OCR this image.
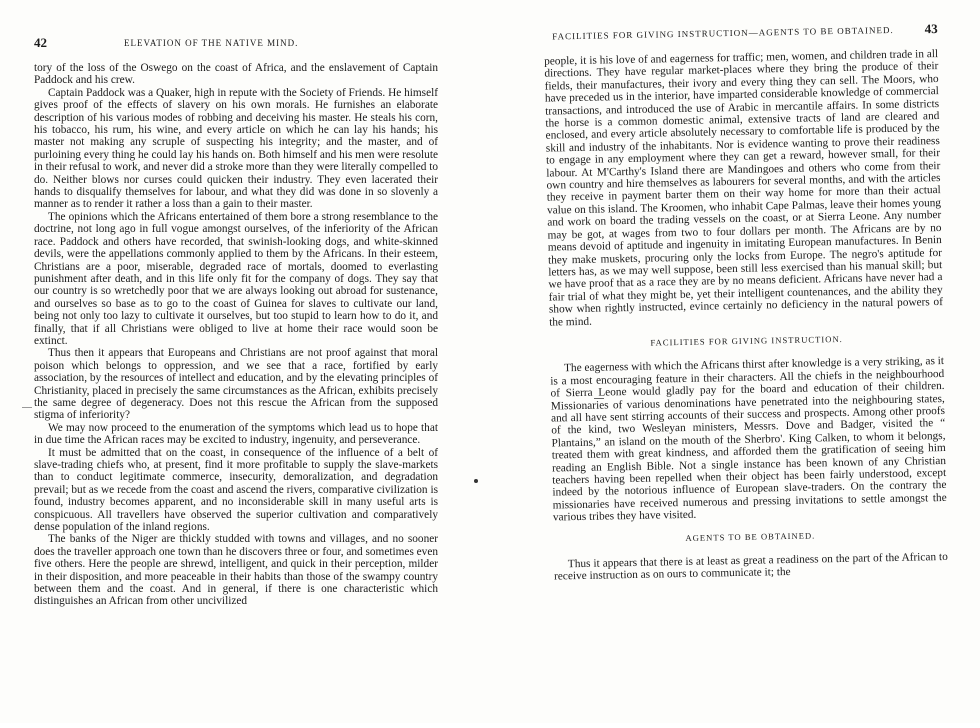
42	ELEVATION OF THE NATIVE MIND.

tory of the loss of the Oswego on the coast of Africa, and the enslavement of Captain Paddock and his crew.

Captain Paddock was a Quaker, high in repute with the Society of Friends. He himself gives proof of the effects of slavery on his own morals. He furnishes an elaborate description of his various modes of robbing and deceiving his master. He steals his corn, his tobacco, his rum, his wine, and every article on which he can lay his hands; his master not making any scruple of suspecting his integrity; and the master, and of purloining every thing he could lay his hands on. Both himself and his men were resolute in their refusal to work, and never did a stroke more than they were literally compelled to do. Neither blows nor curses could quicken their industry. They even lacerated their hands to disqualify themselves for labour, and what they did was done in so slovenly a manner as to render it rather a loss than a gain to their master.

The opinions which the Africans entertained of them bore a strong resemblance to the doctrine, not long ago in full vogue amongst ourselves, of the inferiority of the African race. Paddock and others have recorded, that swinish-looking dogs, and white-skinned devils, were the appellations commonly applied to them by the Africans. In their esteem, Christians are a poor, miserable, degraded race of mortals, doomed to everlasting punishment after death, and in this life only fit for the company of dogs. They say that our country is so wretchedly poor that we are always looking out abroad for sustenance, and ourselves so base as to go to the coast of Guinea for slaves to cultivate our land, being not only too lazy to cultivate it ourselves, but too stupid to learn how to do it, and finally, that if all Christians were obliged to live at home their race would soon be extinct.

Thus then it appears that Europeans and Christians are not proof against that moral poison which belongs to oppression, and we see that a race, fortified by early association, by the resources of intellect and education, and by the elevating principles of Christianity, placed in precisely the same circumstances as the African, exhibits precisely the same degree of degeneracy. Does not this rescue the African from the supposed stigma of inferiority?

We may now proceed to the enumeration of the symptoms which lead us to hope that in due time the African races may be excited to industry, ingenuity, and perseverance.

It must be admitted that on the coast, in consequence of the influence of a belt of slave-trading chiefs who, at present, find it more profitable to supply the slave-markets than to conduct legitimate commerce, insecurity, demoralization, and degradation prevail; but as we recede from the coast and ascend the rivers, comparative civilization is found, industry becomes apparent, and no inconsiderable skill in many useful arts is conspicuous. All travellers have observed the superior cultivation and comparatively dense population of the inland regions.

The banks of the Niger are thickly studded with towns and villages, and no sooner does the traveller approach one town than he discovers three or four, and sometimes even five others. Here the people are shrewd, intelligent, and quick in their perception, milder in their disposition, and more peaceable in their habits than those of the swampy country between them and the coast. And in general, if there is one characteristic which distinguishes an African from other uncivilized

FACILITIES FOR GIVING INSTRUCTION—AGENTS TO BE OBTAINED. 43

people, it is his love of and eagerness for traffic; men, women, and children trade in all directions. They have regular market-places where they bring the produce of their fields, their manufactures, their ivory and every thing they can sell. The Moors, who have preceded us in the interior, have imparted considerable knowledge of commercial transactions, and introduced the use of Arabic in mercantile affairs. In some districts the horse is a common domestic animal, extensive tracts of land are cleared and enclosed, and every article absolutely necessary to comfortable life is produced by the skill and industry of the inhabitants. Nor is evidence wanting to prove their readiness to engage in any employment where they can get a reward, however small, for their labour. At M'Carthy's Island there are Mandingoes and others who come from their own country and hire themselves as labourers for several months, and with the articles they receive in payment barter them on their way home for more than their actual value on this island. The Kroomen, who inhabit Cape Palmas, leave their homes young and work on board the trading vessels on the coast, or at Sierra Leone. Any number may be got, at wages from two to four dollars per month. The Africans are by no means devoid of aptitude and ingenuity in imitating European manufactures. In Benin they make muskets, procuring only the locks from Europe. The negro's aptitude for letters has, as we may well suppose, been still less exercised than his manual skill; but we have proof that as a race they are by no means deficient. Africans have never had a fair trial of what they might be, yet their intelligent countenances, and the ability they show when rightly instructed, evince certainly no deficiency in the natural powers of the mind.

FACILITIES FOR GIVING INSTRUCTION.

The eagerness with which the Africans thirst after knowledge is a very striking, as it is a most encouraging feature in their characters. All the chiefs in the neighbourhood of Sierra Leone would gladly pay for the board and education of their children. Missionaries of various denominations have penetrated into the neighbouring states, and all have sent stirring accounts of their success and prospects. Among other proofs of the kind, two Wesleyan ministers, Messrs. Dove and Badger, visited the “ Plantains,” an island on the mouth of the Sherbro'. King Calken, to whom it belongs, treated them with great kindness, and afforded them the gratification of seeing him reading an English Bible. Not a single instance has been known of any Christian teachers having been repelled when their object has been fairly understood, except indeed by the notorious influence of European slave-traders. On the contrary the missionaries have received numerous and pressing invitations to settle amongst the various tribes they have visited.

AGENTS TO BE OBTAINED.

Thus it appears that there is at least as great a readiness on the part of the African to receive instruction as on ours to communicate it; the
